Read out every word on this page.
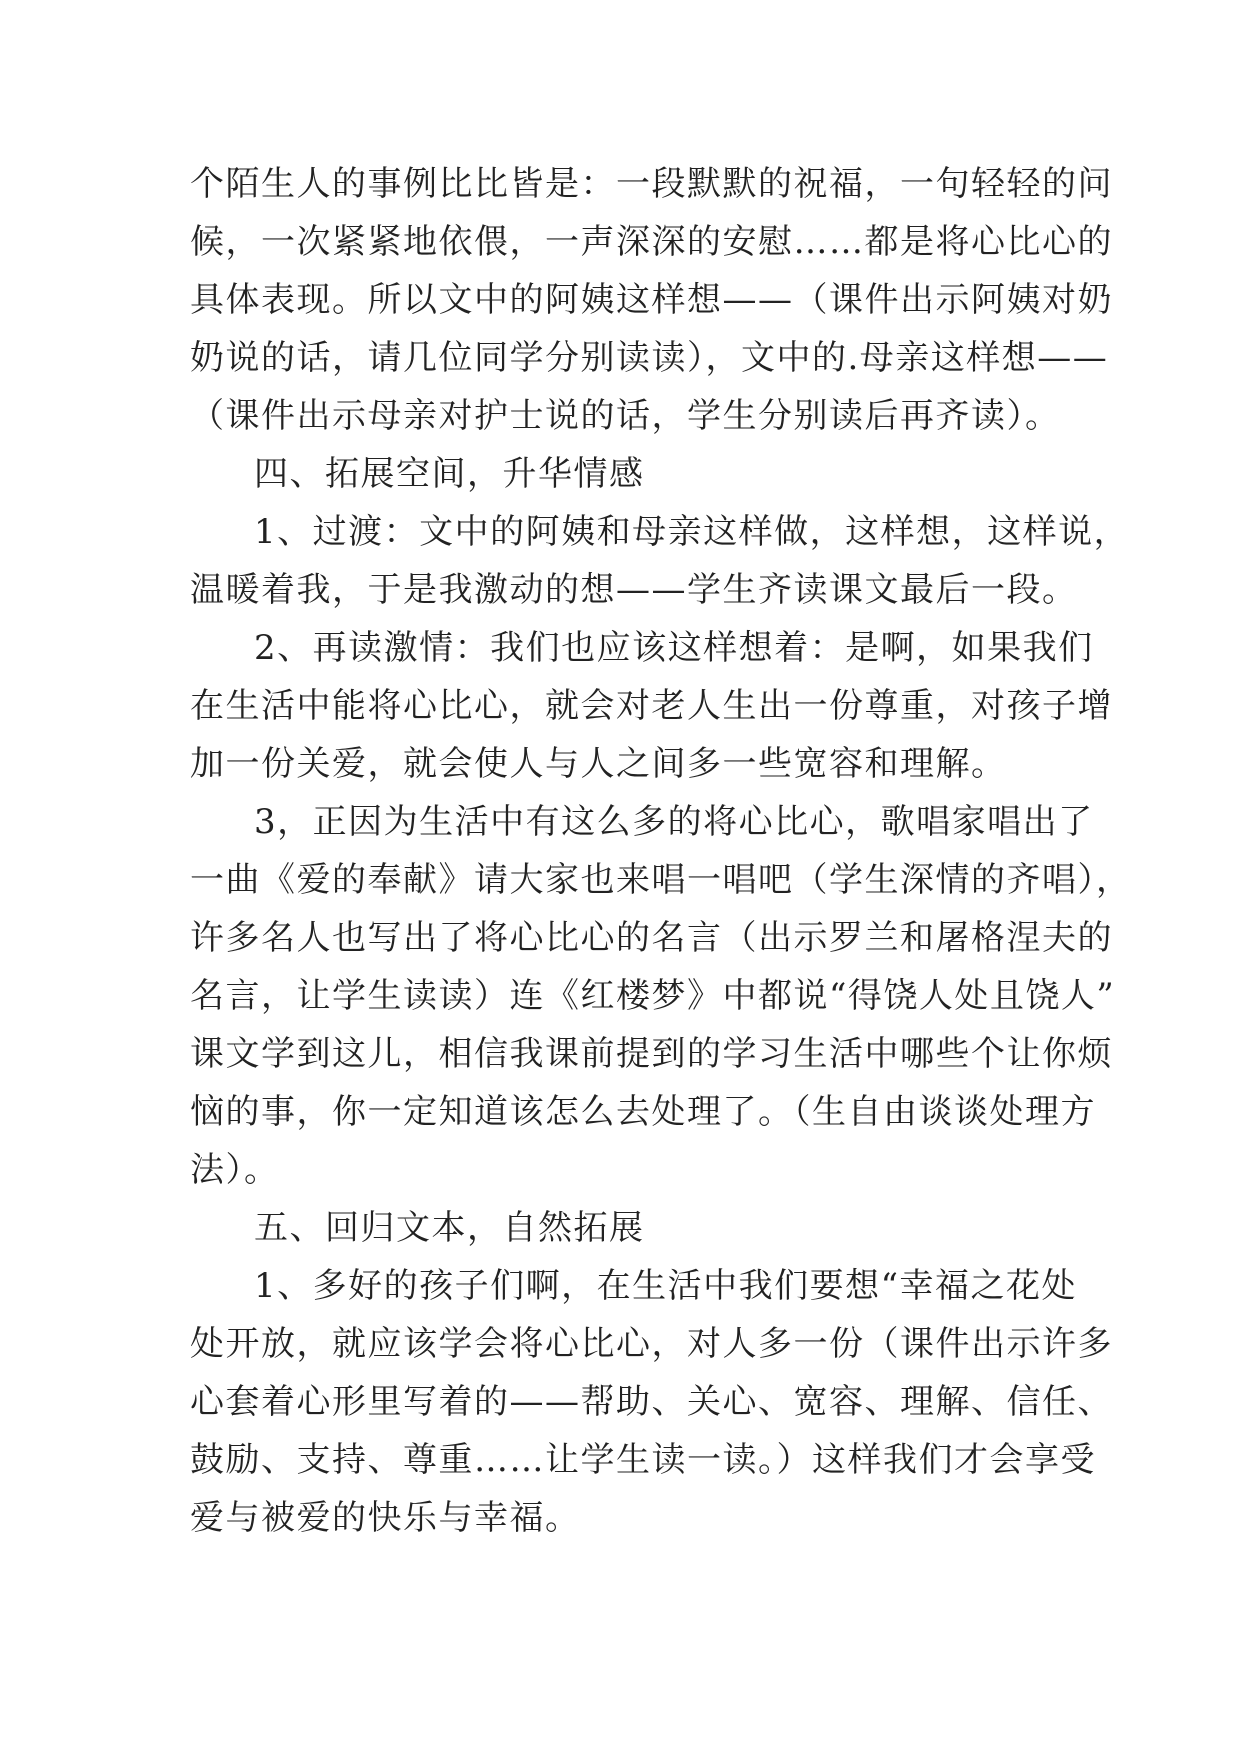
个陌生人的事例比比皆是：一段默默的祝福，一句轻轻的问
候，一次紧紧地依偎，一声深深的安慰……都是将心比心的
具体表现。所以文中的阿姨这样想——（课件出示阿姨对奶
奶说的话，请几位同学分别读读），文中的.母亲这样想——
（课件出示母亲对护士说的话，学生分别读后再齐读）。
四、拓展空间，升华情感
1、过渡：文中的阿姨和母亲这样做，这样想，这样说，
温暖着我，于是我激动的想——学生齐读课文最后一段。
2、再读激情：我们也应该这样想着：是啊，如果我们
在生活中能将心比心，就会对老人生出一份尊重，对孩子增
加一份关爱，就会使人与人之间多一些宽容和理解。
3，正因为生活中有这么多的将心比心，歌唱家唱出了
一曲《爱的奉献》请大家也来唱一唱吧（学生深情的齐唱），
许多名人也写出了将心比心的名言（出示罗兰和屠格涅夫的
名言，让学生读读）连《红楼梦》中都说“得饶人处且饶人”
课文学到这儿，相信我课前提到的学习生活中哪些个让你烦
恼的事，你一定知道该怎么去处理了。（生自由谈谈处理方
法）。
五、回归文本，自然拓展
1、多好的孩子们啊，在生活中我们要想“幸福之花处
处开放，就应该学会将心比心，对人多一份（课件出示许多
心套着心形里写着的——帮助、关心、宽容、理解、信任、
鼓励、支持、尊重……让学生读一读。）这样我们才会享受
爱与被爱的快乐与幸福。
